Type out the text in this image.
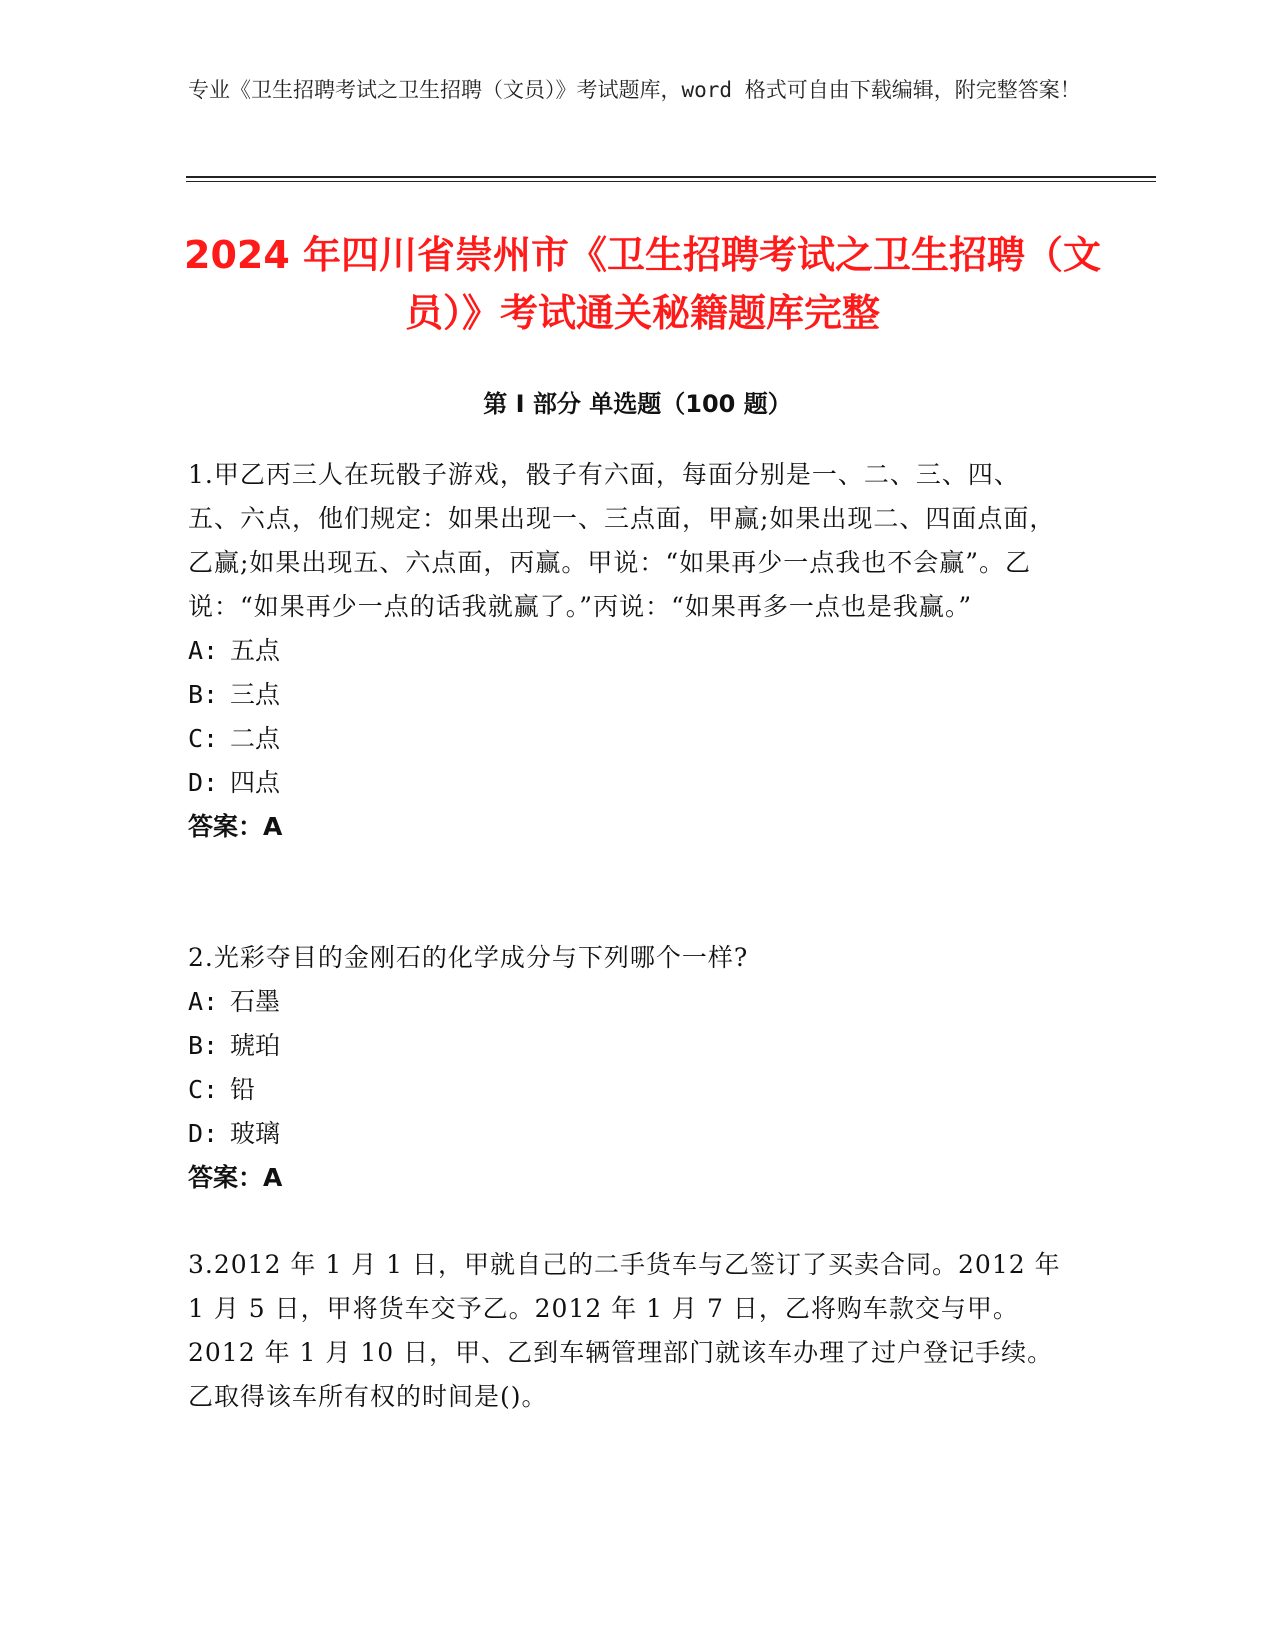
专业《卫生招聘考试之卫生招聘（文员）》考试题库，word 格式可自由下载编辑，附完整答案！
2024 年四川省崇州市《卫生招聘考试之卫生招聘（文员）》考试通关秘籍题库完整
第 I 部分 单选题（100 题）
1.甲乙丙三人在玩骰子游戏，骰子有六面，每面分别是一、二、三、四、五、六点，他们规定：如果出现一、三点面，甲赢;如果出现二、四面点面，乙赢;如果出现五、六点面，丙赢。甲说：“如果再少一点我也不会赢”。乙说：“如果再少一点的话我就赢了。”丙说：“如果再多一点也是我赢。”
A: 五点
B: 三点
C: 二点
D: 四点
答案：A
2.光彩夺目的金刚石的化学成分与下列哪个一样?
A: 石墨
B: 琥珀
C: 铅
D: 玻璃
答案：A
3.2012 年 1 月 1 日，甲就自己的二手货车与乙签订了买卖合同。2012 年 1 月 5 日，甲将货车交予乙。2012 年 1 月 7 日，乙将购车款交与甲。2012 年 1 月 10 日，甲、乙到车辆管理部门就该车办理了过户登记手续。乙取得该车所有权的时间是()。
